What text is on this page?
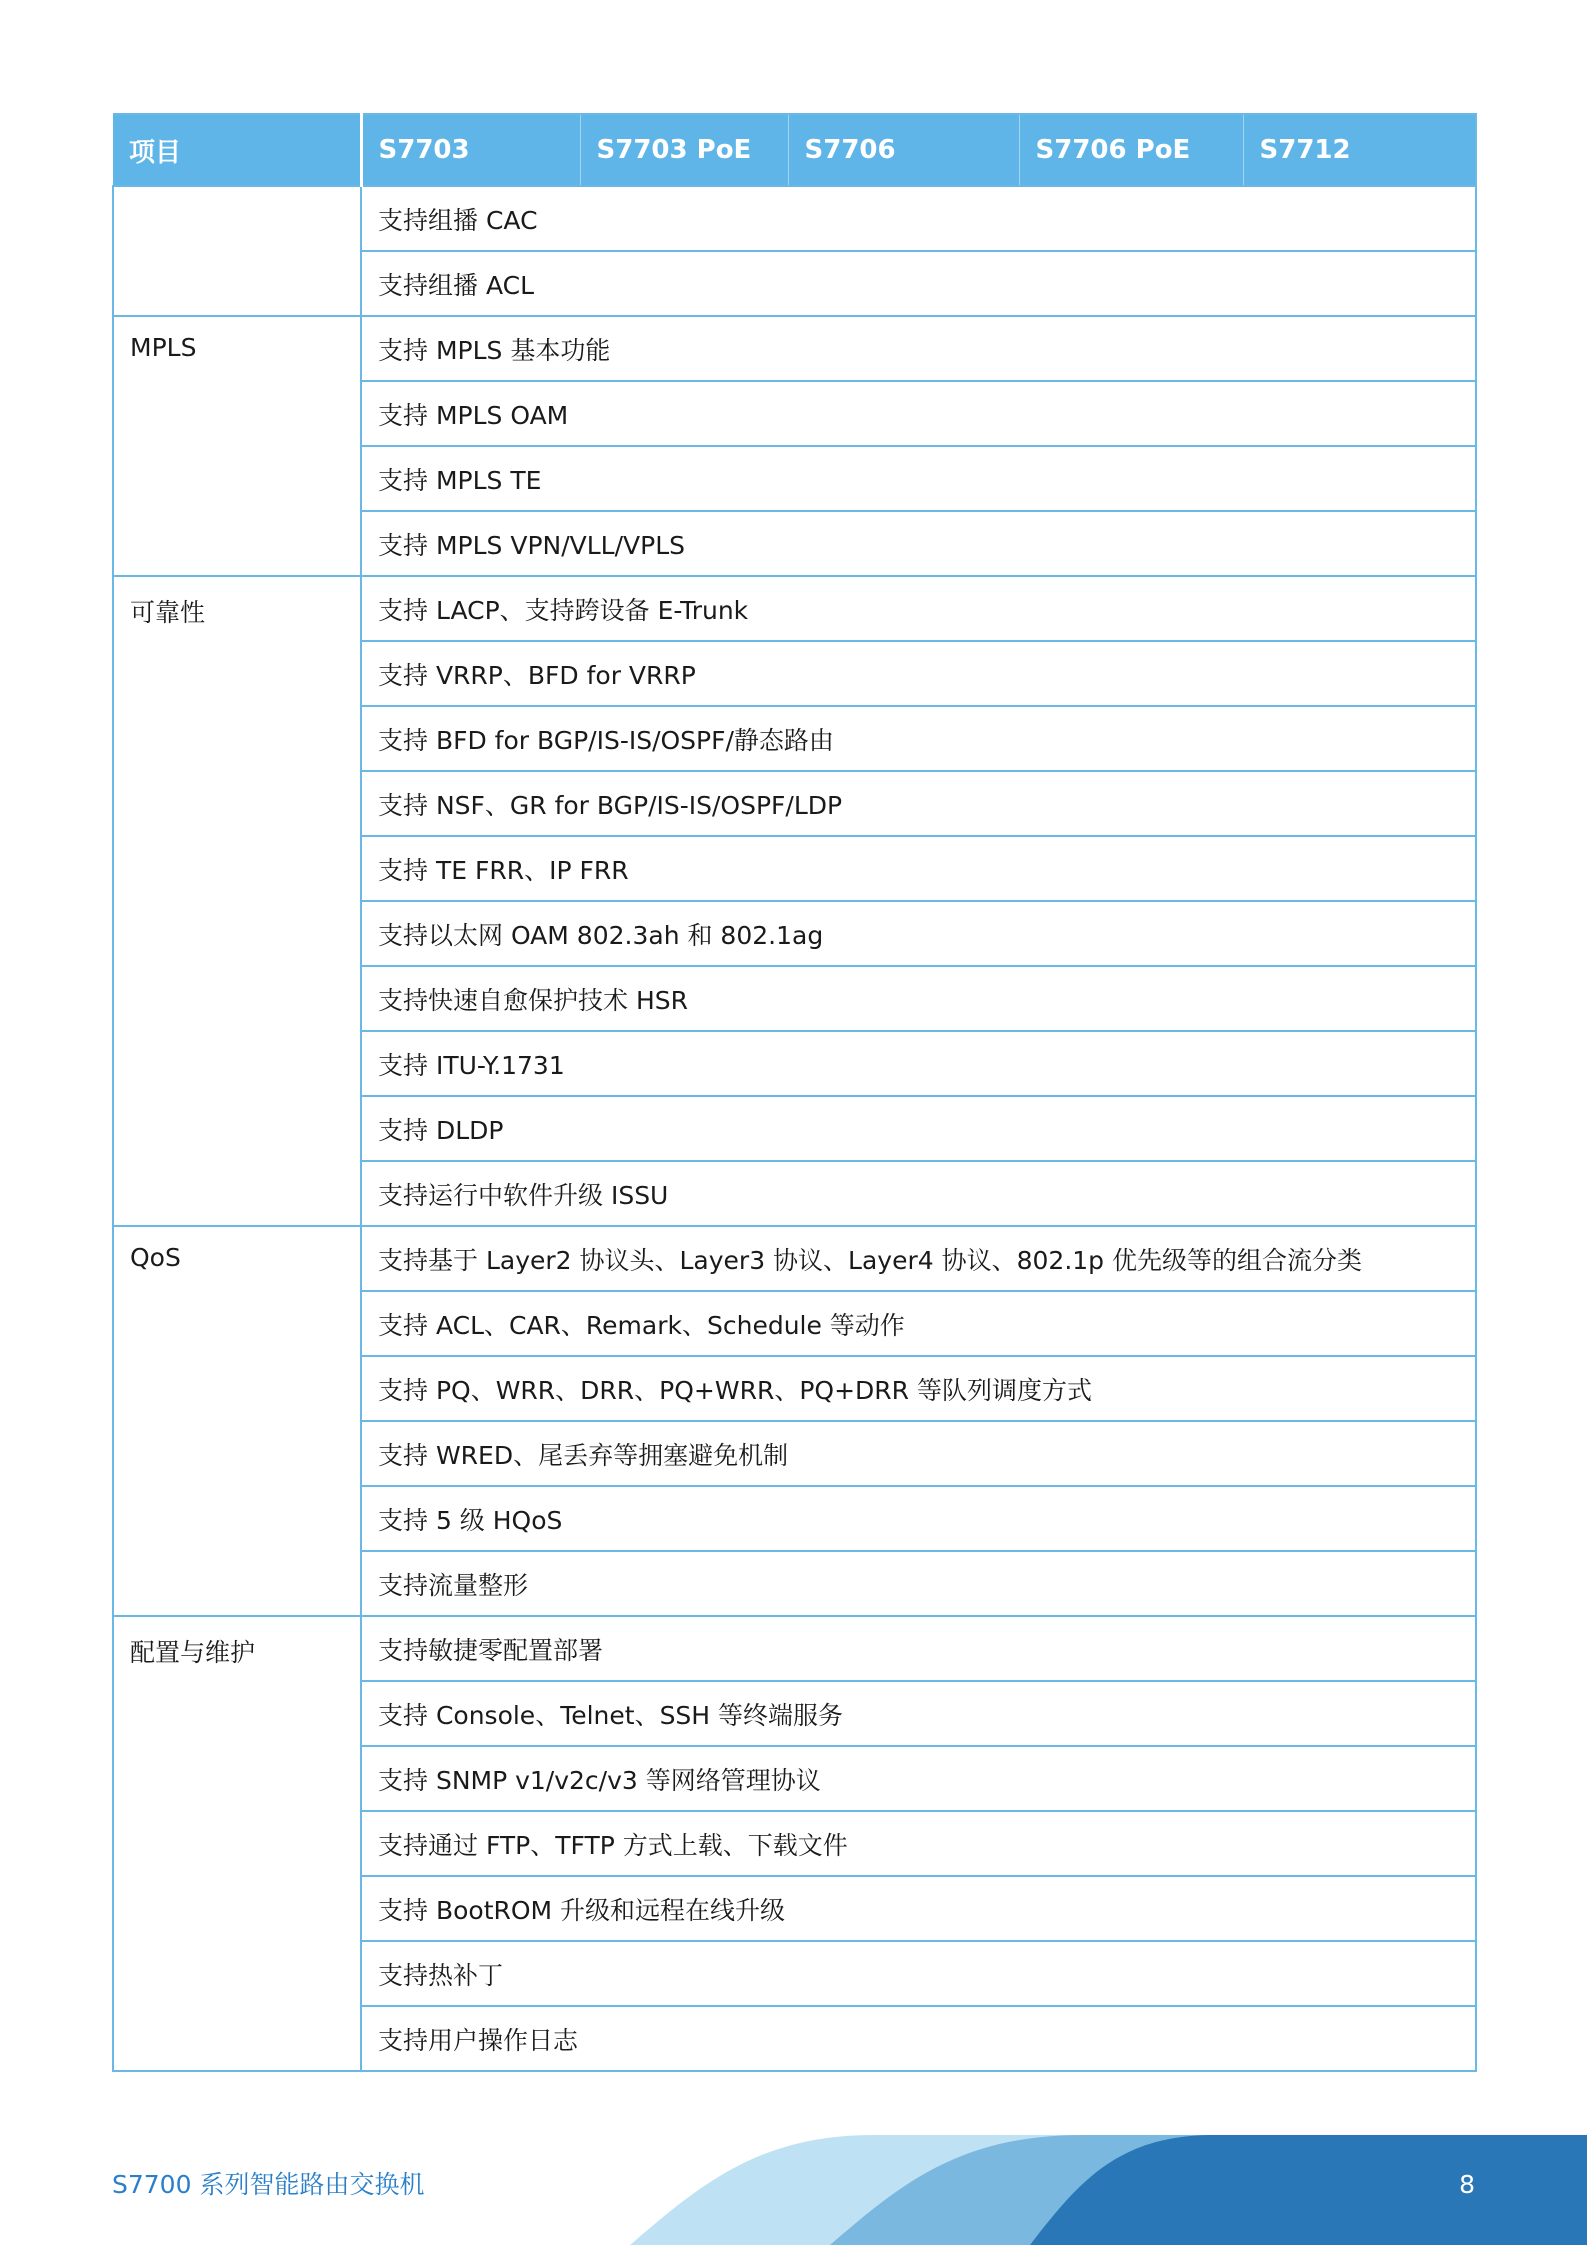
项目	S7703	S7703 PoE	S7706	S7706 PoE	S7712
	支持组播 CAC				
	支持组播 ACL				
MPLS	支持 MPLS 基本功能				
	支持 MPLS OAM				
	支持 MPLS TE				
	支持 MPLS VPN/VLL/VPLS				
可靠性	支持 LACP、支持跨设备 E-Trunk				
	支持 VRRP、BFD for VRRP				
	支持 BFD for BGP/IS-IS/OSPF/静态路由				
	支持 NSF、GR for BGP/IS-IS/OSPF/LDP				
	支持 TE FRR、IP FRR				
	支持以太网 OAM 802.3ah 和 802.1ag				
	支持快速自愈保护技术 HSR				
	支持 ITU-Y.1731				
	支持 DLDP				
	支持运行中软件升级 ISSU				
QoS	支持基于 Layer2 协议头、Layer3 协议、Layer4 协议、802.1p 优先级等的组合流分类				
	支持 ACL、CAR、Remark、Schedule 等动作				
	支持 PQ、WRR、DRR、PQ+WRR、PQ+DRR 等队列调度方式				
	支持 WRED、尾丢弃等拥塞避免机制				
	支持 5 级 HQoS				
	支持流量整形				
配置与维护	支持敏捷零配置部署				
	支持 Console、Telnet、SSH 等终端服务				
	支持 SNMP v1/v2c/v3 等网络管理协议				
	支持通过 FTP、TFTP 方式上载、下载文件				
	支持 BootROM 升级和远程在线升级				
	支持热补丁				
	支持用户操作日志				
S7700 系列智能路由交换机	8
